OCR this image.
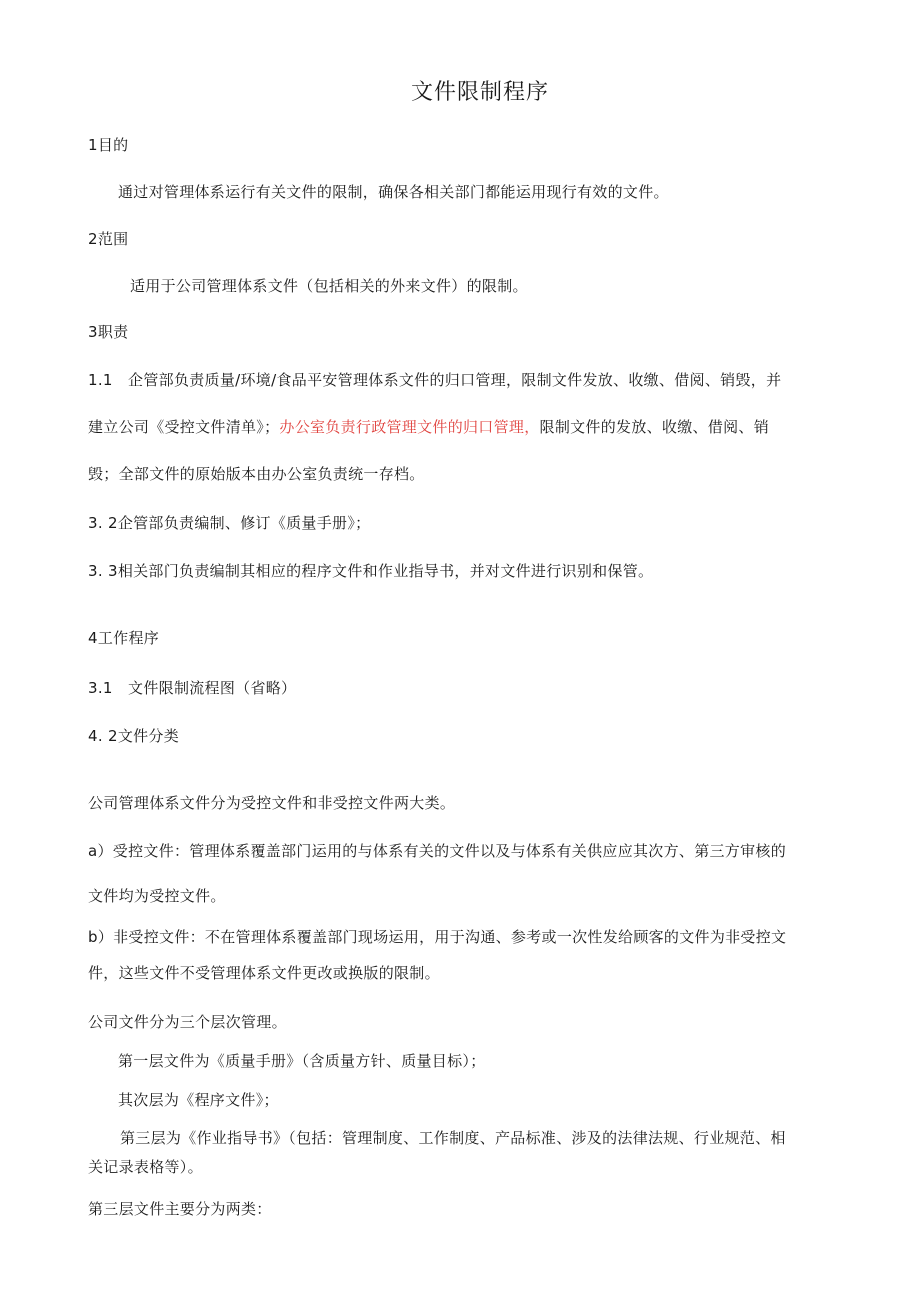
文件限制程序
1目的
通过对管理体系运行有关文件的限制，确保各相关部门都能运用现行有效的文件。
2范围
适用于公司管理体系文件（包括相关的外来文件）的限制。
3职责
1.1　企管部负责质量/环境/食品平安管理体系文件的归口管理，限制文件发放、收缴、借阅、销毁，并
建立公司《受控文件清单》；办公室负责行政管理文件的归口管理，限制文件的发放、收缴、借阅、销
毁；全部文件的原始版本由办公室负责统一存档。
3. 2企管部负责编制、修订《质量手册》；
3. 3相关部门负责编制其相应的程序文件和作业指导书，并对文件进行识别和保管。
4工作程序
3.1　文件限制流程图（省略）
4. 2文件分类
公司管理体系文件分为受控文件和非受控文件两大类。
a）受控文件：管理体系覆盖部门运用的与体系有关的文件以及与体系有关供应应其次方、第三方审核的
文件均为受控文件。
b）非受控文件：不在管理体系覆盖部门现场运用，用于沟通、参考或一次性发给顾客的文件为非受控文
件，这些文件不受管理体系文件更改或换版的限制。
公司文件分为三个层次管理。
第一层文件为《质量手册》（含质量方针、质量目标）；
其次层为《程序文件》；
第三层为《作业指导书》（包括：管理制度、工作制度、产品标准、涉及的法律法规、行业规范、相
关记录表格等）。
第三层文件主要分为两类：
